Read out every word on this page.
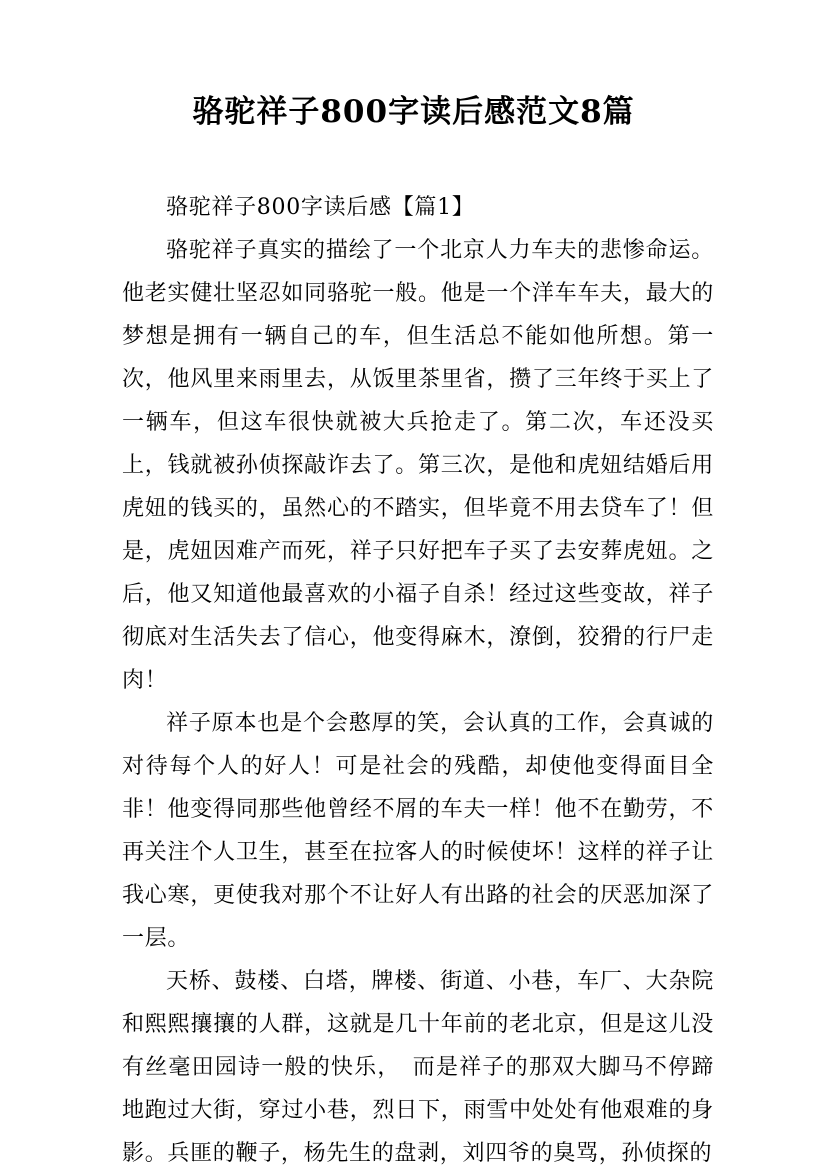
骆驼祥子800字读后感范文8篇

骆驼祥子800字读后感【篇1】

骆驼祥子真实的描绘了一个北京人力车夫的悲惨命运。他老实健壮坚忍如同骆驼一般。他是一个洋车车夫，最大的梦想是拥有一辆自己的车，但生活总不能如他所想。第一次，他风里来雨里去，从饭里茶里省，攒了三年终于买上了一辆车，但这车很快就被大兵抢走了。第二次，车还没买上，钱就被孙侦探敲诈去了。第三次，是他和虎妞结婚后用虎妞的钱买的，虽然心的不踏实，但毕竟不用去贷车了！但是，虎妞因难产而死，祥子只好把车子买了去安葬虎妞。之后，他又知道他最喜欢的小福子自杀！经过这些变故，祥子彻底对生活失去了信心，他变得麻木，潦倒，狡猾的行尸走肉！

祥子原本也是个会憨厚的笑，会认真的工作，会真诚的对待每个人的好人！可是社会的残酷，却使他变得面目全非！他变得同那些他曾经不屑的车夫一样！他不在勤劳，不再关注个人卫生，甚至在拉客人的时候使坏！这样的祥子让我心寒，更使我对那个不让好人有出路的社会的厌恶加深了一层。

天桥、鼓楼、白塔，牌楼、街道、小巷，车厂、大杂院和熙熙攘攘的人群，这就是几十年前的老北京，但是这儿没有丝毫田园诗一般的快乐，　而是祥子的那双大脚马不停蹄地跑过大街，穿过小巷，烈日下，雨雪中处处有他艰难的身影。兵匪的鞭子，杨先生的盘剥，刘四爷的臭骂，孙侦探的
